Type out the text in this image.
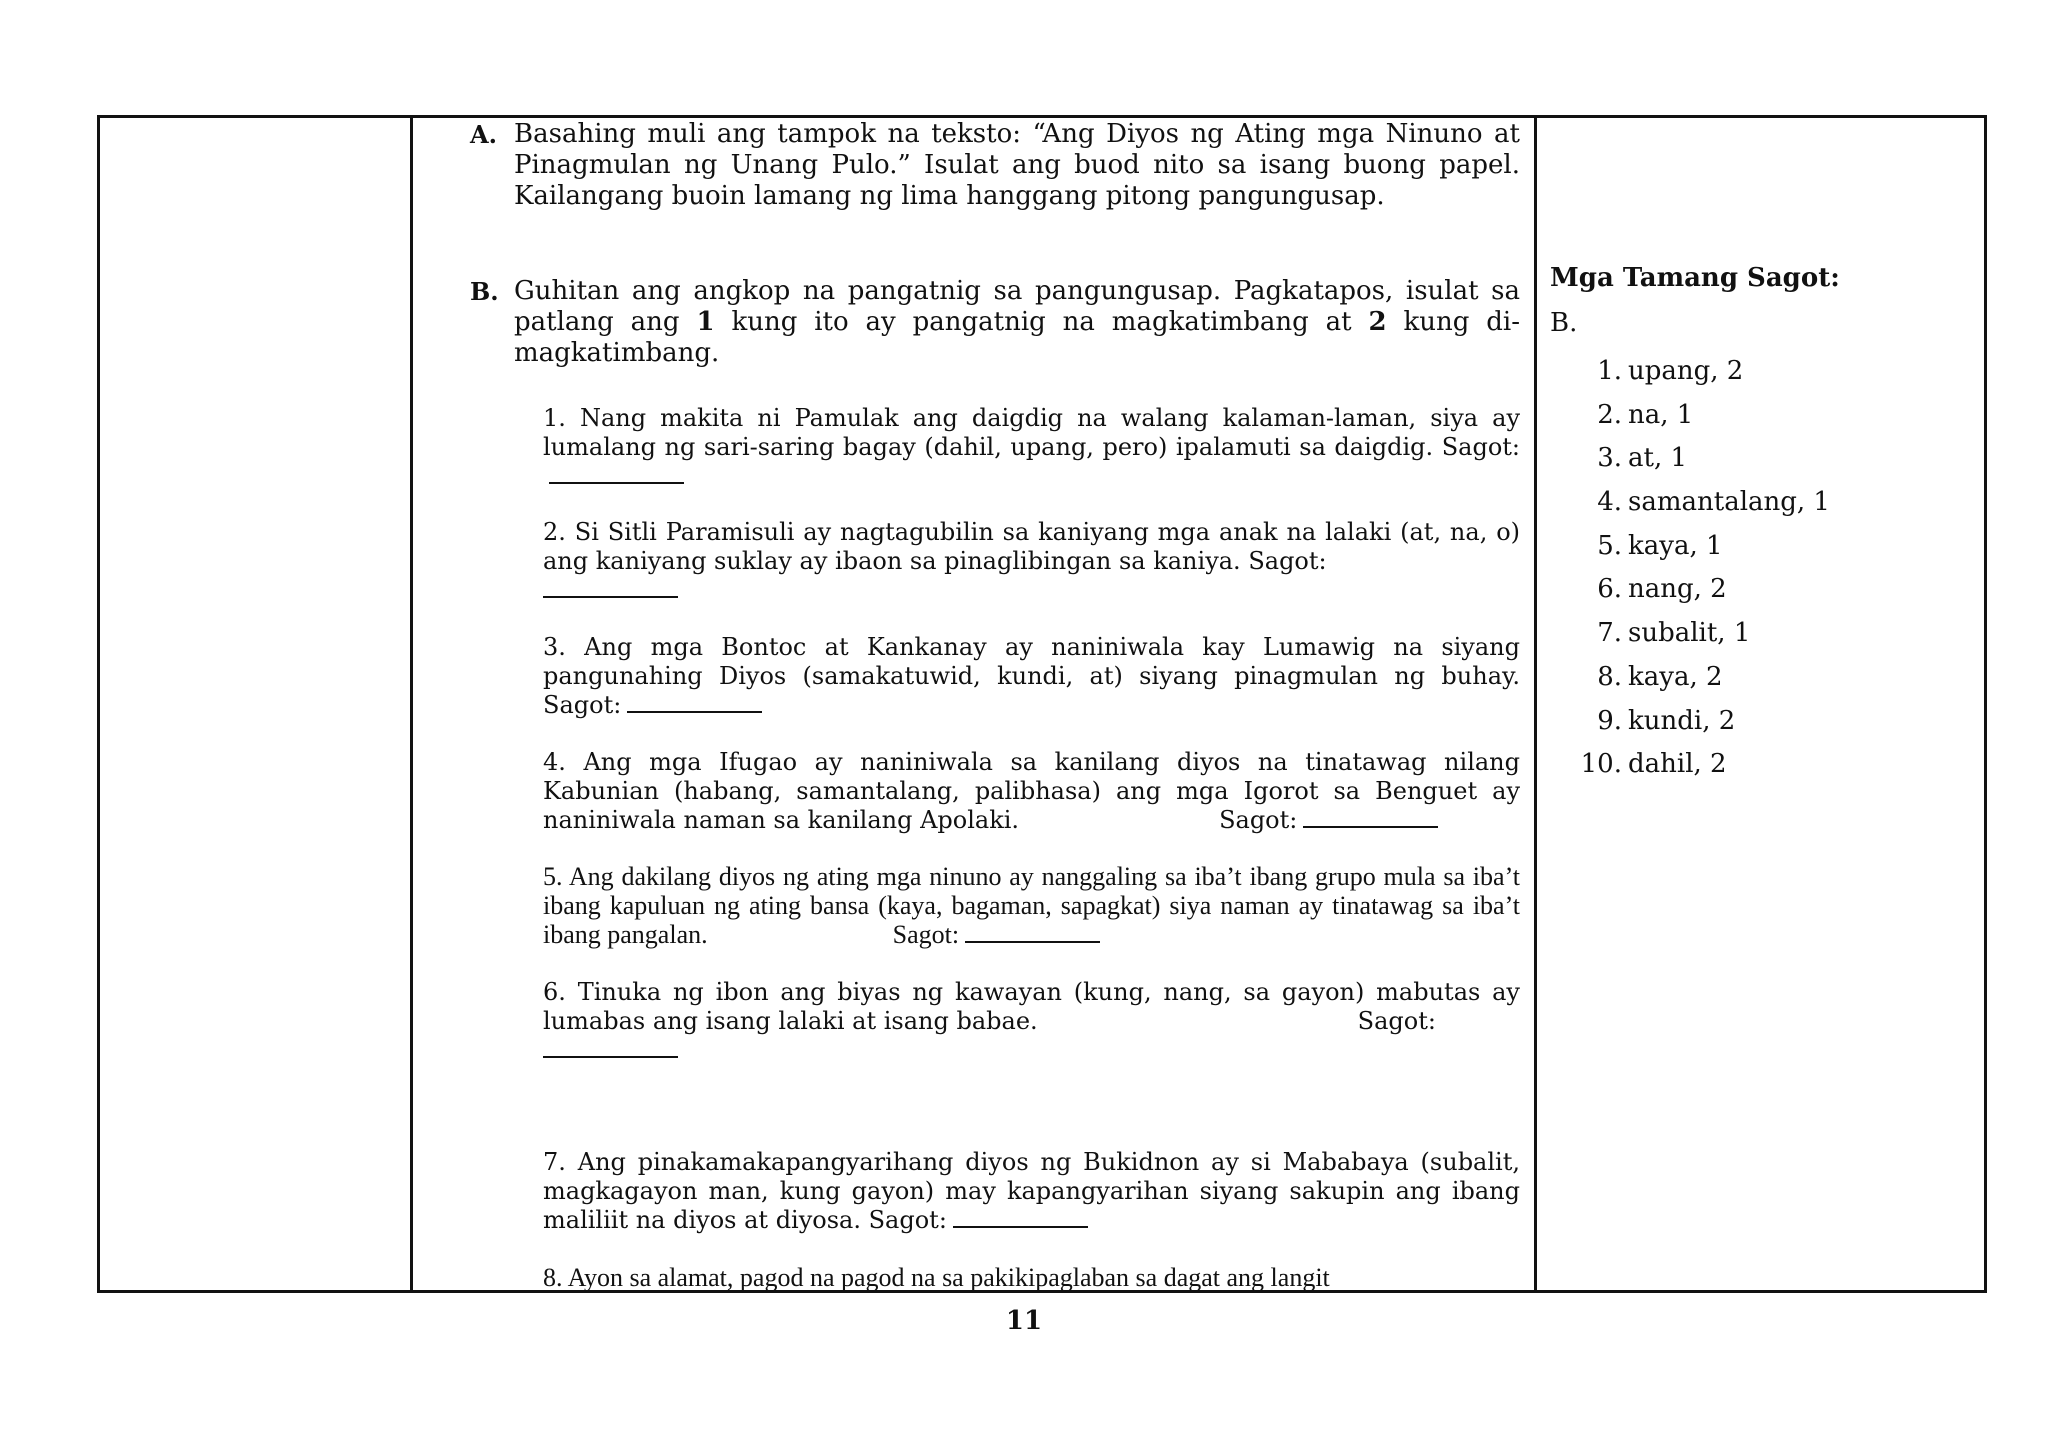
A. Basahing muli ang tampok na teksto: “Ang Diyos ng Ating mga Ninuno at Pinagmulan ng Unang Pulo.” Isulat ang buod nito sa isang buong papel. Kailangang buoin lamang ng lima hanggang pitong pangungusap.
B. Guhitan ang angkop na pangatnig sa pangungusap. Pagkatapos, isulat sa patlang ang 1 kung ito ay pangatnig na magkatimbang at 2 kung di-magkatimbang.
1. Nang makita ni Pamulak ang daigdig na walang kalaman-laman, siya ay lumalang ng sari-saring bagay (dahil, upang, pero) ipalamuti sa daigdig. Sagot:
2. Si Sitli Paramisuli ay nagtagubilin sa kaniyang mga anak na lalaki (at, na, o) ang kaniyang suklay ay ibaon sa pinaglibingan sa kaniya. Sagot:

3. Ang mga Bontoc at Kankanay ay naniniwala kay Lumawig na siyang pangunahing Diyos (samakatuwid, kundi, at) siyang pinagmulan ng buhay. Sagot:
4. Ang mga Ifugao ay naniniwala sa kanilang diyos na tinatawag nilang Kabunian (habang, samantalang, palibhasa) ang mga Igorot sa Benguet ay naniniwala naman sa kanilang Apolaki.	Sagot:
5. Ang dakilang diyos ng ating mga ninuno ay nanggaling sa iba’t ibang grupo mula sa iba’t ibang kapuluan ng ating bansa (kaya, bagaman, sapagkat) siya naman ay tinatawag sa iba’t ibang pangalan.	Sagot:
6. Tinuka ng ibon ang biyas ng kawayan (kung, nang, sa gayon) mabutas ay lumabas ang isang lalaki at isang babae.	Sagot:

7. Ang pinakamakapangyarihang diyos ng Bukidnon ay si Mababaya (subalit, magkagayon man, kung gayon) may kapangyarihan siyang sakupin ang ibang maliliit na diyos at diyosa. Sagot:
8. Ayon sa alamat, pagod na pagod na sa pakikipaglaban sa dagat ang langit
Mga Tamang Sagot:
B.
1. upang, 2
2. na, 1
3. at, 1
4. samantalang, 1
5. kaya, 1
6. nang, 2
7. subalit, 1
8. kaya, 2
9. kundi, 2
10. dahil, 2
11
